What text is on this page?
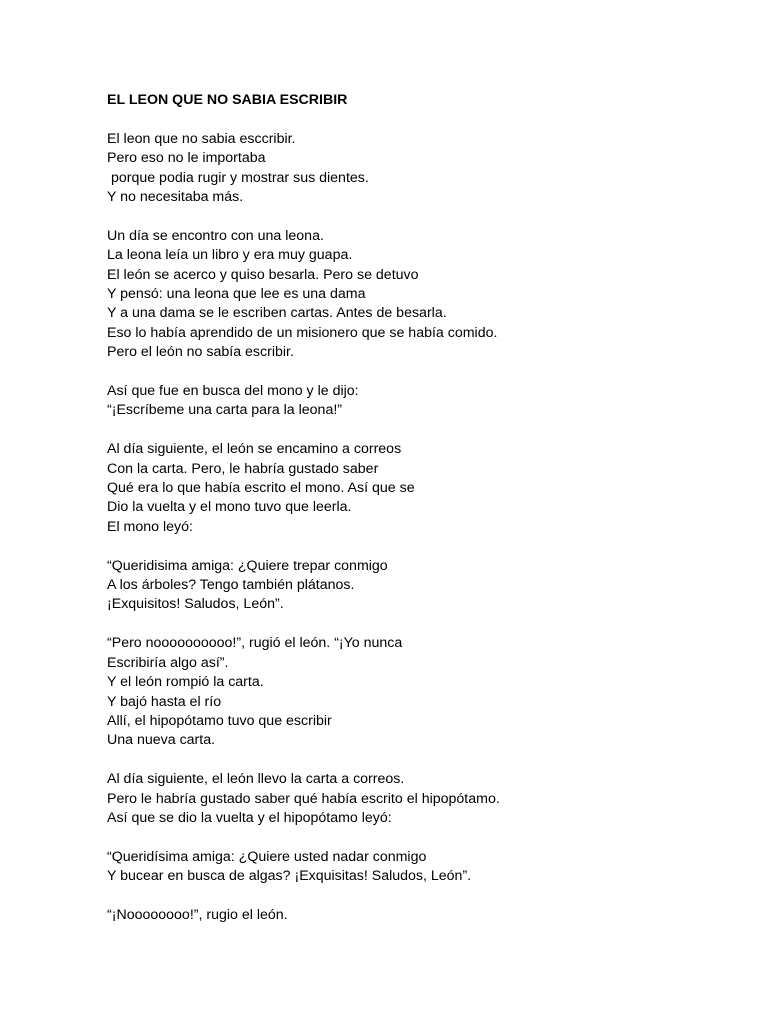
EL LEON QUE NO SABIA ESCRIBIR
El leon que no sabia esccribir.
Pero eso no le importaba
porque podia rugir y mostrar sus dientes.
Y no necesitaba más.
Un día se encontro con una leona.
La leona leía un libro y era muy guapa.
El león se acerco y quiso besarla. Pero se detuvo
Y pensó: una leona que lee es una dama
Y a una dama se le escriben cartas. Antes de besarla.
Eso lo había aprendido de un misionero que se había comido.
Pero el león no sabía escribir.
Así que fue en busca del mono y le dijo:
“¡Escríbeme una carta para la leona!”
Al día siguiente, el león se encamino a correos
Con la carta. Pero, le habría gustado saber
Qué era lo que había escrito el mono. Así que se
Dio la vuelta y el mono tuvo que leerla.
El mono leyó:
“Queridisima amiga: ¿Quiere trepar conmigo
A los árboles? Tengo también plátanos.
¡Exquisitos! Saludos, León”.
“Pero noooooooooo!”, rugió el león. “¡Yo nunca
Escribiría algo así”.
Y el león rompió la carta.
Y bajó hasta el río
Allí, el hipopótamo tuvo que escribir
Una nueva carta.
Al día siguiente, el león llevo la carta a correos.
Pero le habría gustado saber qué había escrito el hipopótamo.
Así que se dio la vuelta y el hipopótamo leyó:
“Queridísima amiga: ¿Quiere usted nadar conmigo
Y bucear en busca de algas? ¡Exquisitas! Saludos, León”.
“¡Noooooooo!”, rugio el león.
